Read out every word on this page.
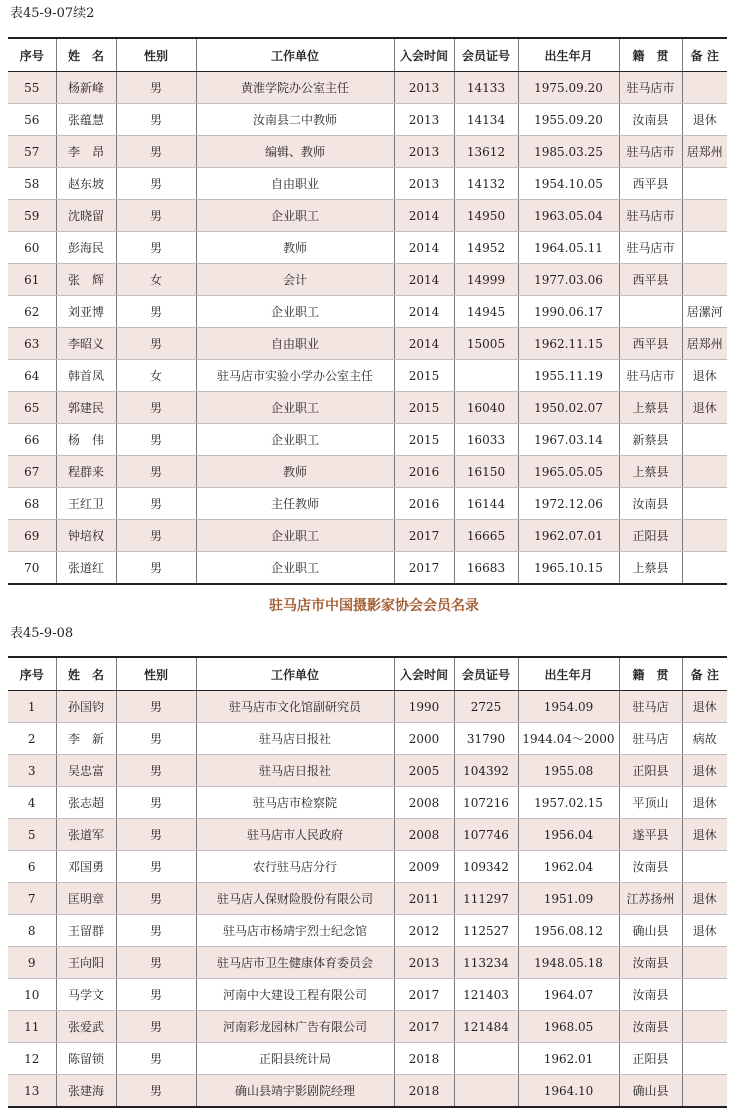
表45-9-07续2
序号	姓　名	性别	工作单位	入会时间	会员证号	出生年月	籍　贯	备 注
55	杨新峰	男	黄淮学院办公室主任	2013	14133	1975.09.20	驻马店市	
56	张蕴慧	男	汝南县二中教师	2013	14134	1955.09.20	汝南县	退休
57	李　昂	男	编辑、教师	2013	13612	1985.03.25	驻马店市	居郑州
58	赵东坡	男	自由职业	2013	14132	1954.10.05	西平县	
59	沈晓留	男	企业职工	2014	14950	1963.05.04	驻马店市	
60	彭海民	男	教师	2014	14952	1964.05.11	驻马店市	
61	张　辉	女	会计	2014	14999	1977.03.06	西平县	
62	刘亚博	男	企业职工	2014	14945	1990.06.17		居漯河
63	李昭义	男	自由职业	2014	15005	1962.11.15	西平县	居郑州
64	韩首凤	女	驻马店市实验小学办公室主任	2015		1955.11.19	驻马店市	退休
65	郭建民	男	企业职工	2015	16040	1950.02.07	上蔡县	退休
66	杨　伟	男	企业职工	2015	16033	1967.03.14	新蔡县	
67	程群来	男	教师	2016	16150	1965.05.05	上蔡县	
68	王红卫	男	主任教师	2016	16144	1972.12.06	汝南县	
69	钟培权	男	企业职工	2017	16665	1962.07.01	正阳县	
70	张道红	男	企业职工	2017	16683	1965.10.15	上蔡县	
驻马店市中国摄影家协会会员名录
表45-9-08
序号	姓　名	性别	工作单位	入会时间	会员证号	出生年月	籍　贯	备 注
1	孙国钧	男	驻马店市文化馆副研究员	1990	2725	1954.09	驻马店	退休
2	李　新	男	驻马店日报社	2000	31790	1944.04～2000	驻马店	病故
3	吴忠富	男	驻马店日报社	2005	104392	1955.08	正阳县	退休
4	张志超	男	驻马店市检察院	2008	107216	1957.02.15	平顶山	退休
5	张道军	男	驻马店市人民政府	2008	107746	1956.04	遂平县	退休
6	邓国勇	男	农行驻马店分行	2009	109342	1962.04	汝南县	
7	匡明章	男	驻马店人保财险股份有限公司	2011	111297	1951.09	江苏扬州	退休
8	王留群	男	驻马店市杨靖宇烈士纪念馆	2012	112527	1956.08.12	确山县	退休
9	王向阳	男	驻马店市卫生健康体育委员会	2013	113234	1948.05.18	汝南县	
10	马学文	男	河南中大建设工程有限公司	2017	121403	1964.07	汝南县	
11	张爱武	男	河南彩龙园林广告有限公司	2017	121484	1968.05	汝南县	
12	陈留锁	男	正阳县统计局	2018		1962.01	正阳县	
13	张建海	男	确山县靖宇影剧院经理	2018		1964.10	确山县	
